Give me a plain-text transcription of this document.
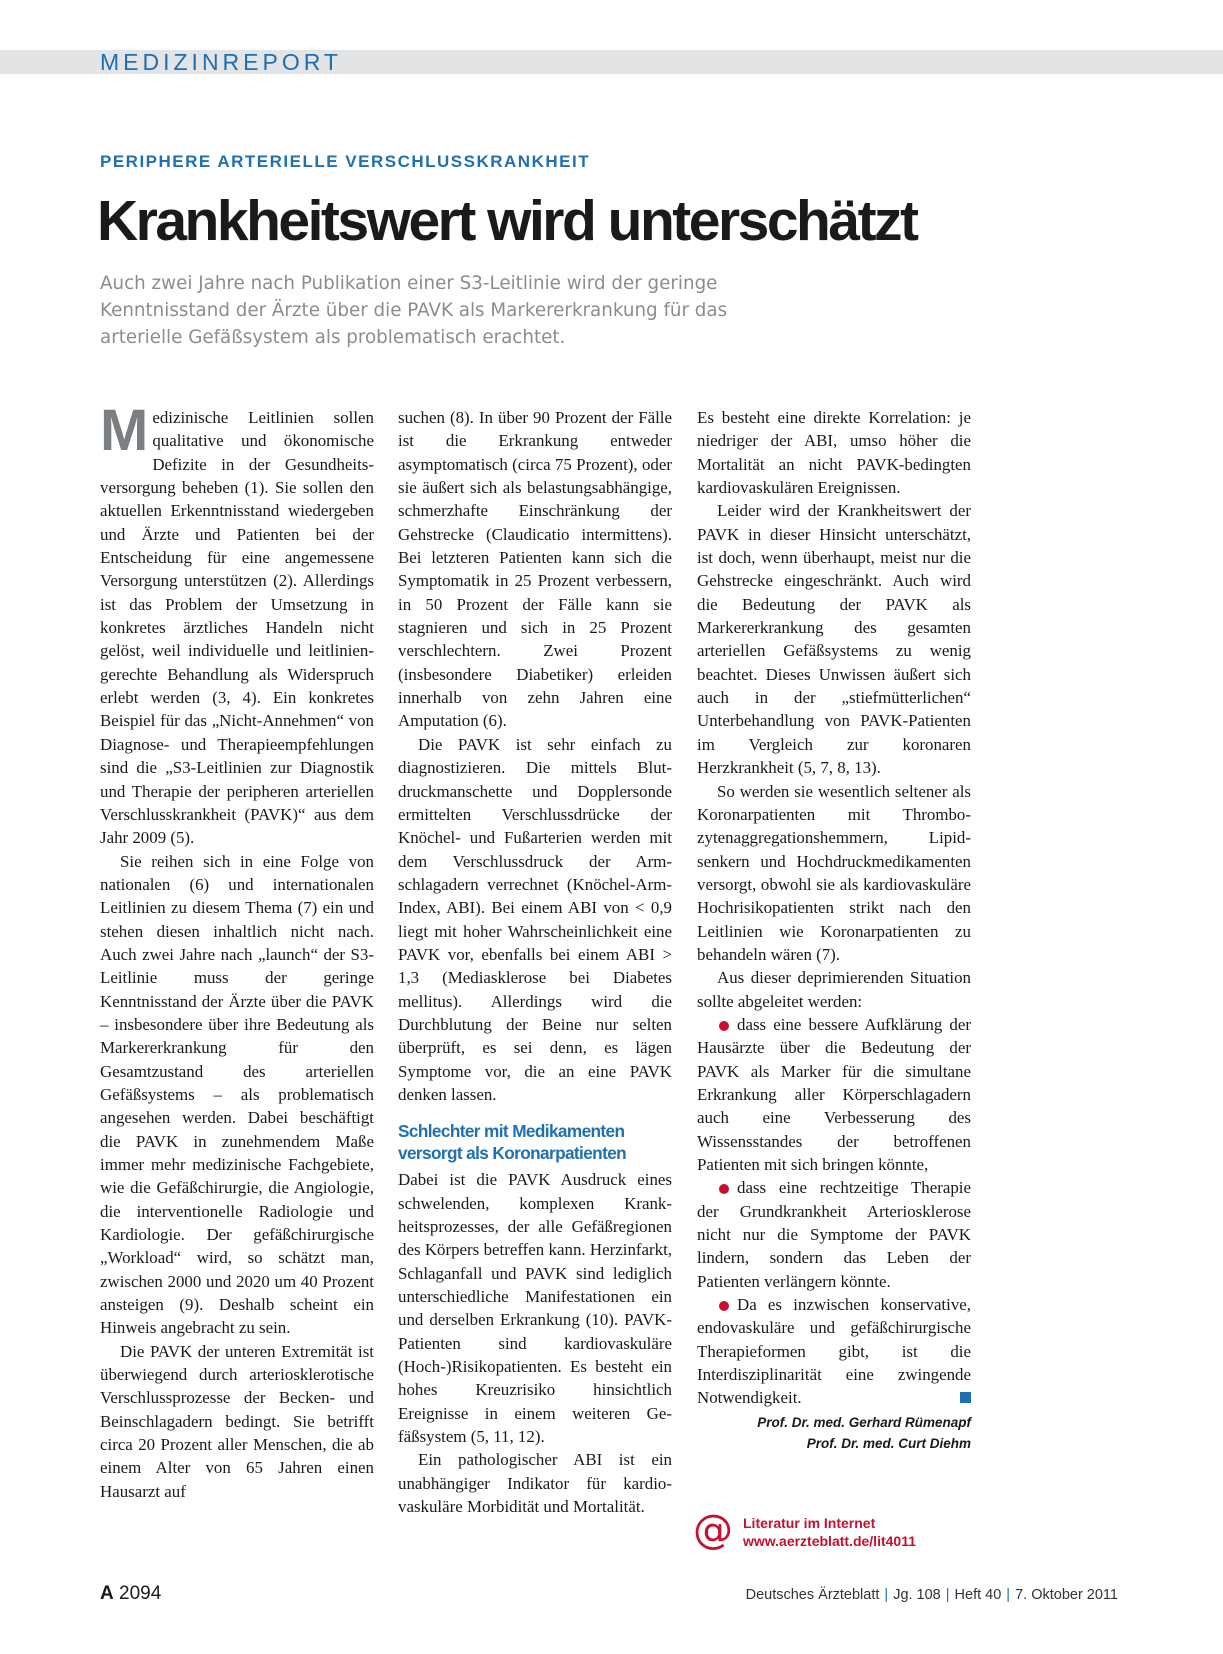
MEDIZINREPORT
PERIPHERE ARTERIELLE VERSCHLUSSKRANKHEIT
Krankheitswert wird unterschätzt
Auch zwei Jahre nach Publikation einer S3-Leitlinie wird der geringe
Kenntnisstand der Ärzte über die PAVK als Markererkrankung für das
arterielle Gefäßsystem als problematisch erachtet.

Medizinische Leitlinien sollen qualitative und ökonomische Defizite in der Gesundheitsversorgung beheben (1). Sie sollen den aktuellen Erkenntnisstand wiedergeben und Ärzte und Patienten bei der Entscheidung für eine angemessene Versorgung unterstützen (2). Allerdings ist das Problem der Umsetzung in konkretes ärztliches Handeln nicht gelöst, weil individuelle und leitlinien-gerechte Behandlung als Widerspruch erlebt werden (3, 4). Ein konkretes Beispiel für das „Nicht-Annehmen“ von Diagnose- und Therapieempfehlungen sind die „S3-Leitlinien zur Diagnostik und Therapie der peripheren arteriellen Verschlusskrankheit (PAVK)“ aus dem Jahr 2009 (5).

Sie reihen sich in eine Folge von nationalen (6) und internationalen Leitlinien zu diesem Thema (7) ein und stehen diesen inhaltlich nicht nach. Auch zwei Jahre nach „launch“ der S3-Leitlinie muss der geringe Kenntnisstand der Ärzte über die PAVK – insbesondere über ihre Bedeutung als Markererkrankung für den Gesamtzustand des arteriellen Gefäßsystems – als problematisch angesehen werden. Dabei beschäftigt die PAVK in zunehmendem Maße immer mehr medizinische Fachgebiete, wie die Gefäßchirurgie, die Angiologie, die interventionelle Radiologie und Kardiologie. Der gefäßchirurgische „Workload“ wird, so schätzt man, zwischen 2000 und 2020 um 40 Prozent ansteigen (9). Deshalb scheint ein Hinweis angebracht zu sein.

Die PAVK der unteren Extremität ist überwiegend durch arteriosklerotische Verschlussprozesse der Becken- und Beinschlagadern bedingt. Sie betrifft circa 20 Prozent aller Menschen, die ab einem Alter von 65 Jahren einen Hausarzt auf

suchen (8). In über 90 Prozent der Fälle ist die Erkrankung entweder asymptomatisch (circa 75 Prozent), oder sie äußert sich als belastungsabhängige, schmerzhafte Einschränkung der Gehstrecke (Claudicatio intermittens). Bei letzteren Patienten kann sich die Symptomatik in 25 Prozent verbessern, in 50 Prozent der Fälle kann sie stagnieren und sich in 25 Prozent verschlechtern. Zwei Prozent (insbesondere Diabetiker) erleiden innerhalb von zehn Jahren eine Amputation (6).

Die PAVK ist sehr einfach zu diagnostizieren. Die mittels Blutdruckmanschette und Dopplersonde ermittelten Verschlussdrücke der Knöchel- und Fußarterien werden mit dem Verschlussdruck der Armschlagadern verrechnet (Knöchel-Arm-Index, ABI). Bei einem ABI von < 0,9 liegt mit hoher Wahrscheinlichkeit eine PAVK vor, ebenfalls bei einem ABI > 1,3 (Mediasklerose bei Diabetes mellitus). Allerdings wird die Durchblutung der Beine nur selten überprüft, es sei denn, es lägen Symptome vor, die an eine PAVK denken lassen.

Schlechter mit Medikamenten versorgt als Koronarpatienten

Dabei ist die PAVK Ausdruck eines schwelenden, komplexen Krankheitsprozesses, der alle Gefäßregionen des Körpers betreffen kann. Herzinfarkt, Schlaganfall und PAVK sind lediglich unterschiedliche Manifestationen ein und derselben Erkrankung (10). PAVK-Patienten sind kardiovaskuläre (Hoch-)Risikopatienten. Es besteht ein hohes Kreuzrisiko hinsichtlich Ereignisse in einem weiteren Gefäßsystem (5, 11, 12).

Ein pathologischer ABI ist ein unabhängiger Indikator für kardiovaskuläre Morbidität und Mortalität.

Es besteht eine direkte Korrelation: je niedriger der ABI, umso höher die Mortalität an nicht PAVK-bedingten kardiovaskulären Ereignissen.

Leider wird der Krankheitswert der PAVK in dieser Hinsicht unterschätzt, ist doch, wenn überhaupt, meist nur die Gehstrecke eingeschränkt. Auch wird die Bedeutung der PAVK als Markererkrankung des gesamten arteriellen Gefäßsystems zu wenig beachtet. Dieses Unwissen äußert sich auch in der „stiefmütterlichen“ Unterbehandlung von PAVK-Patienten im Vergleich zur koronaren Herzkrankheit (5, 7, 8, 13).

So werden sie wesentlich seltener als Koronarpatienten mit Thrombozytenaggregationshemmern, Lipidsenkern und Hochdruckmedikamenten versorgt, obwohl sie als kardiovaskuläre Hochrisikopatienten strikt nach den Leitlinien wie Koronarpatienten zu behandeln wären (7).

Aus dieser deprimierenden Situation sollte abgeleitet werden:

dass eine bessere Aufklärung der Hausärzte über die Bedeutung der PAVK als Marker für die simultane Erkrankung aller Körperschlagadern auch eine Verbesserung des Wissensstandes der betroffenen Patienten mit sich bringen könnte,

dass eine rechtzeitige Therapie der Grundkrankheit Arteriosklerose nicht nur die Symptome der PAVK lindern, sondern das Leben der Patienten verlängern könnte.

Da es inzwischen konservative, endovaskuläre und gefäßchirurgische Therapieformen gibt, ist die Interdisziplinarität eine zwingende Notwendigkeit.

Prof. Dr. med. Gerhard Rümenapf
Prof. Dr. med. Curt Diehm
@ Literatur im Internet
www.aerzteblatt.de/lit4011
A 2094	Deutsches Ärzteblatt | Jg. 108 | Heft 40 | 7. Oktober 2011
